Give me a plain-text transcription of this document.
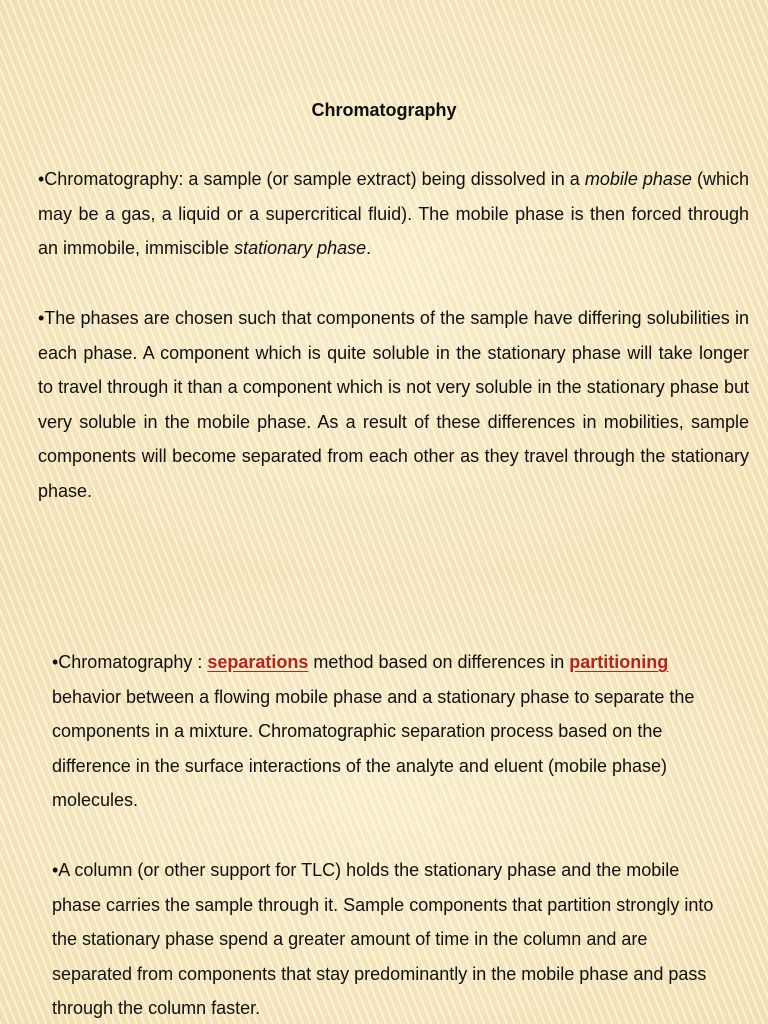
Chromatography

•Chromatography: a sample (or sample extract) being dissolved in a mobile phase (which may be a gas, a liquid or a supercritical fluid). The mobile phase is then forced through an immobile, immiscible stationary phase.

•The phases are chosen such that components of the sample have differing solubilities in each phase. A component which is quite soluble in the stationary phase will take longer to travel through it than a component which is not very soluble in the stationary phase but very soluble in the mobile phase. As a result of these differences in mobilities, sample components will become separated from each other as they travel through the stationary phase.

•Chromatography : separations method based on differences in partitioning behavior between a flowing mobile phase and a stationary phase to separate the components in a mixture. Chromatographic separation process based on the difference in the surface interactions of the analyte and eluent (mobile phase) molecules.

•A column (or other support for TLC) holds the stationary phase and the mobile phase carries the sample through it. Sample components that partition strongly into the stationary phase spend a greater amount of time in the column and are separated from components that stay predominantly in the mobile phase and pass through the column faster.
